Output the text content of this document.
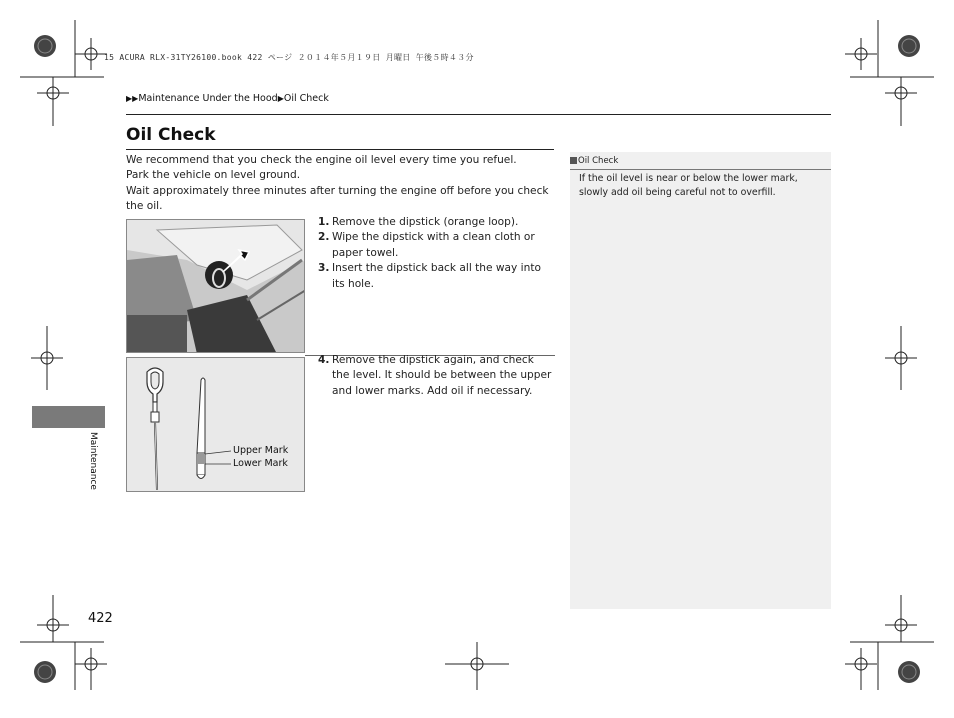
15 ACURA RLX-31TY26100.book 422 ページ ２０１４年５月１９日 月曜日 午後５時４３分
▶▶Maintenance Under the Hood▶Oil Check
Oil Check

We recommend that you check the engine oil level every time you refuel.

Park the vehicle on level ground.

Wait approximately three minutes after turning the engine off before you check the oil.

1. Remove the dipstick (orange loop).
2. Wipe the dipstick with a clean cloth or paper towel.
3. Insert the dipstick back all the way into its hole.
Upper Mark
Lower Mark
4. Remove the dipstick again, and check the level. It should be between the upper and lower marks. Add oil if necessary.
Oil Check
If the oil level is near or below the lower mark, slowly add oil being careful not to overfill.
Maintenance
422
